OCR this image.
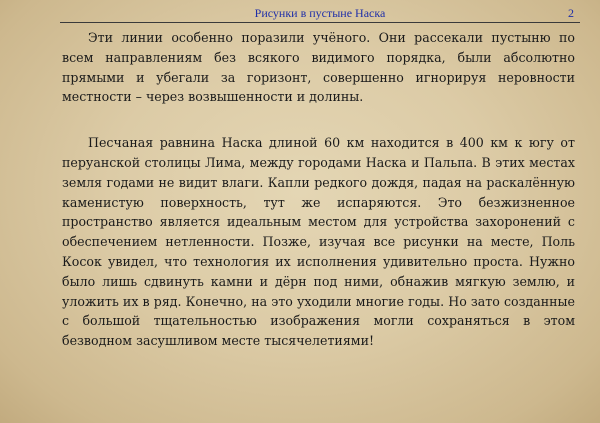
Рисунки в пустыне Наска	2

Эти линии особенно поразили учёного. Они рассекали пустыню по всем направлениям без всякого видимого порядка, были абсолютно прямыми и убегали за горизонт, совершенно игнорируя неровности местности – через возвышенности и долины.

Песчаная равнина Наска длиной 60 км находится в 400 км к югу от перуанской столицы Лима, между городами Наска и Пальпа. В этих местах земля годами не видит влаги. Капли редкого дождя, падая на раскалённую каменистую поверхность, тут же испаряются. Это безжизненное пространство является идеальным местом для устройства захоронений с обеспечением нетленности. Позже, изучая все рисунки на месте, Поль Косок увидел, что технология их исполнения удивительно проста. Нужно было лишь сдвинуть камни и дёрн под ними, обнажив мягкую землю, и уложить их в ряд. Конечно, на это уходили многие годы. Но зато созданные с большой тщательностью изображения могли сохраняться в этом безводном засушливом месте тысячелетиями!
